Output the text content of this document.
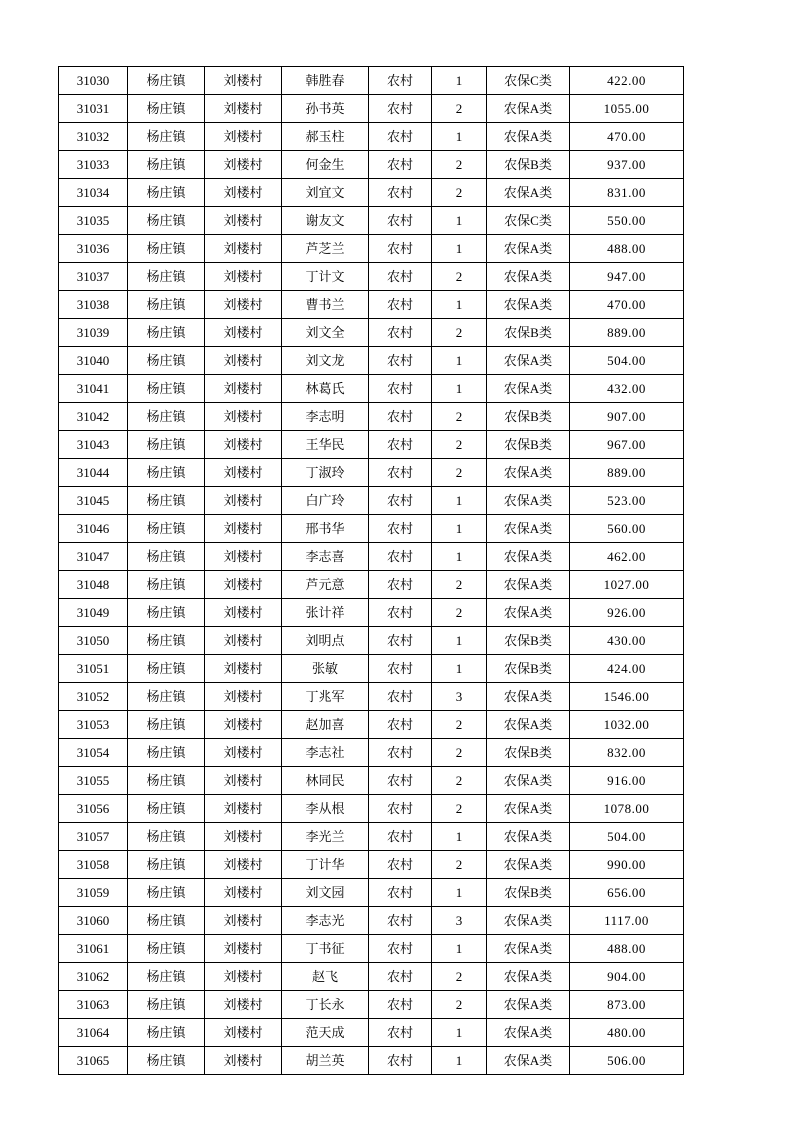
31030	杨庄镇	刘楼村	韩胜春	农村	1	农保C类	422.00
31031	杨庄镇	刘楼村	孙书英	农村	2	农保A类	1055.00
31032	杨庄镇	刘楼村	郝玉柱	农村	1	农保A类	470.00
31033	杨庄镇	刘楼村	何金生	农村	2	农保B类	937.00
31034	杨庄镇	刘楼村	刘宜文	农村	2	农保A类	831.00
31035	杨庄镇	刘楼村	谢友文	农村	1	农保C类	550.00
31036	杨庄镇	刘楼村	芦芝兰	农村	1	农保A类	488.00
31037	杨庄镇	刘楼村	丁计文	农村	2	农保A类	947.00
31038	杨庄镇	刘楼村	曹书兰	农村	1	农保A类	470.00
31039	杨庄镇	刘楼村	刘文全	农村	2	农保B类	889.00
31040	杨庄镇	刘楼村	刘文龙	农村	1	农保A类	504.00
31041	杨庄镇	刘楼村	林葛氏	农村	1	农保A类	432.00
31042	杨庄镇	刘楼村	李志明	农村	2	农保B类	907.00
31043	杨庄镇	刘楼村	王华民	农村	2	农保B类	967.00
31044	杨庄镇	刘楼村	丁淑玲	农村	2	农保A类	889.00
31045	杨庄镇	刘楼村	白广玲	农村	1	农保A类	523.00
31046	杨庄镇	刘楼村	邢书华	农村	1	农保A类	560.00
31047	杨庄镇	刘楼村	李志喜	农村	1	农保A类	462.00
31048	杨庄镇	刘楼村	芦元意	农村	2	农保A类	1027.00
31049	杨庄镇	刘楼村	张计祥	农村	2	农保A类	926.00
31050	杨庄镇	刘楼村	刘明点	农村	1	农保B类	430.00
31051	杨庄镇	刘楼村	张敏	农村	1	农保B类	424.00
31052	杨庄镇	刘楼村	丁兆军	农村	3	农保A类	1546.00
31053	杨庄镇	刘楼村	赵加喜	农村	2	农保A类	1032.00
31054	杨庄镇	刘楼村	李志社	农村	2	农保B类	832.00
31055	杨庄镇	刘楼村	林同民	农村	2	农保A类	916.00
31056	杨庄镇	刘楼村	李从根	农村	2	农保A类	1078.00
31057	杨庄镇	刘楼村	李光兰	农村	1	农保A类	504.00
31058	杨庄镇	刘楼村	丁计华	农村	2	农保A类	990.00
31059	杨庄镇	刘楼村	刘文园	农村	1	农保B类	656.00
31060	杨庄镇	刘楼村	李志光	农村	3	农保A类	1117.00
31061	杨庄镇	刘楼村	丁书征	农村	1	农保A类	488.00
31062	杨庄镇	刘楼村	赵飞	农村	2	农保A类	904.00
31063	杨庄镇	刘楼村	丁长永	农村	2	农保A类	873.00
31064	杨庄镇	刘楼村	范天成	农村	1	农保A类	480.00
31065	杨庄镇	刘楼村	胡兰英	农村	1	农保A类	506.00
